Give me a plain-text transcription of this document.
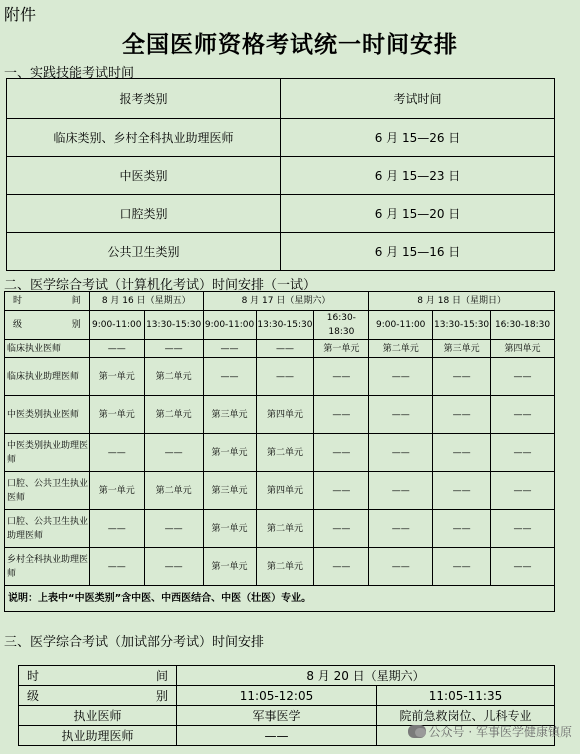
附件
全国医师资格考试统一时间安排
一、实践技能考试时间
报考类别	考试时间
临床类别、乡村全科执业助理医师	6 月 15—26 日
中医类别	6 月 15—23 日
口腔类别	6 月 15—20 日
公共卫生类别	6 月 15—16 日
二、医学综合考试（计算机化考试）时间安排（一试）
时 间	8 月 16 日（星期五）		8 月 17 日（星期六）			8 月 18 日（星期日）		

级 别	9:00-11:00	13:30-15:30	9:00-11:00	13:30-15:30	16:30-18:30	9:00-11:00	13:30-15:30	16:30-18:30
临床执业医师	——	——	——	——	第一单元	第二单元	第三单元	第四单元
临床执业助理医师	第一单元	第二单元	——	——	——	——	——	——
中医类别执业医师	第一单元	第二单元	第三单元	第四单元	——	——	——	——
中医类别执业助理医师	——	——	第一单元	第二单元	——	——	——	——
口腔、公共卫生执业医师	第一单元	第二单元	第三单元	第四单元	——	——	——	——
口腔、公共卫生执业助理医师	——	——	第一单元	第二单元	——	——	——	——
乡村全科执业助理医师	——	——	第一单元	第二单元	——	——	——	——
说明：上表中“中医类别”含中医、中西医结合、中医（壮医）专业。								
三、医学综合考试（加试部分考试）时间安排
时 间	8 月 20 日（星期六）	

级 别	11:05-12:05	11:05-11:35
执业医师	军事医学	院前急救岗位、儿科专业
执业助理医师	——		公众号 · 军事医学健康镇原
